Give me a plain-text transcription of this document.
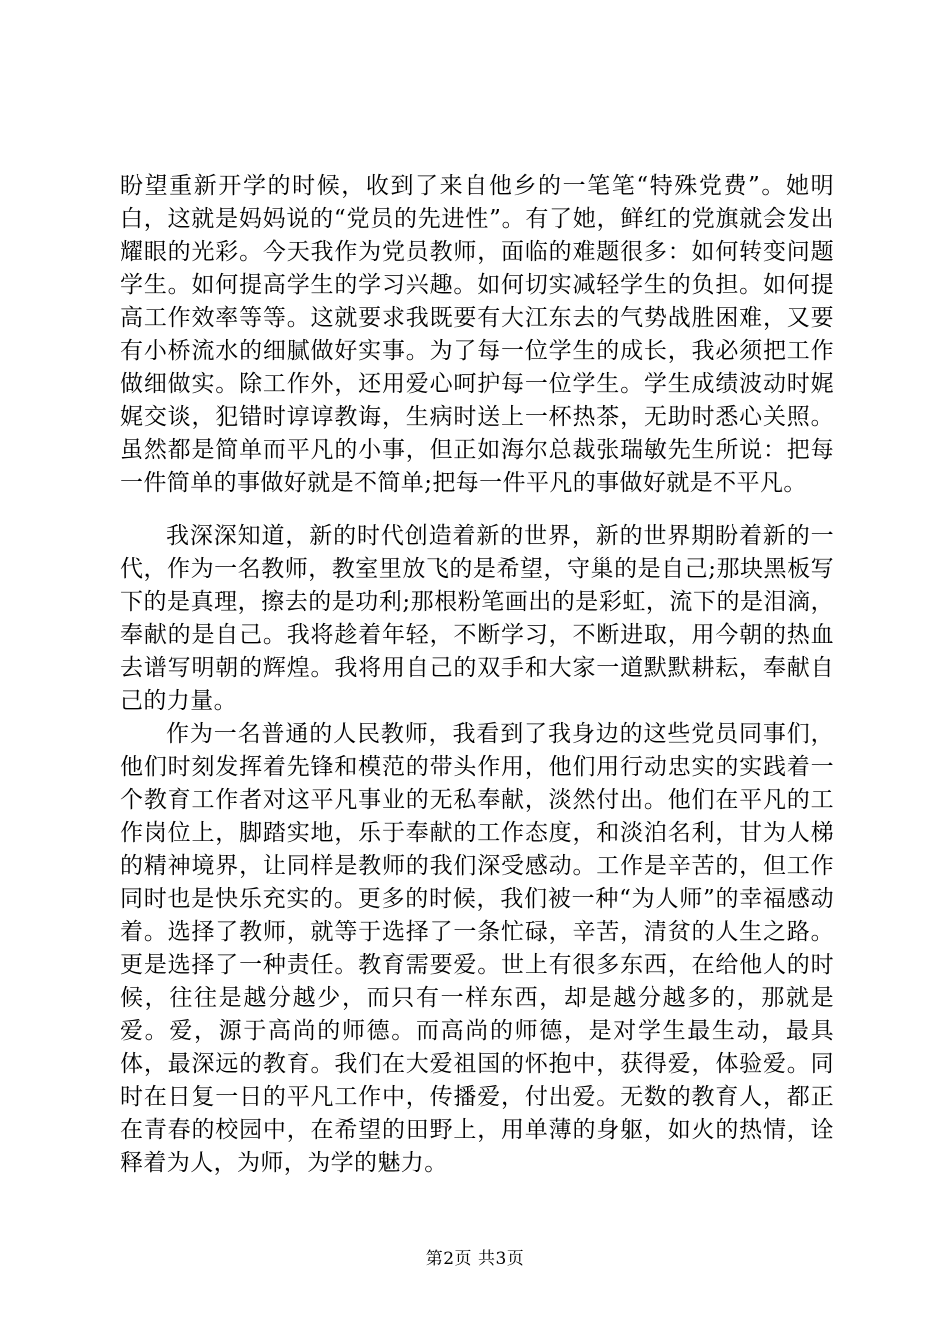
盼望重新开学的时候，收到了来自他乡的一笔笔“特殊党费”。她明白，这就是妈妈说的“党员的先进性”。有了她，鲜红的党旗就会发出耀眼的光彩。今天我作为党员教师，面临的难题很多：如何转变问题学生。如何提高学生的学习兴趣。如何切实减轻学生的负担。如何提高工作效率等等。这就要求我既要有大江东去的气势战胜困难，又要有小桥流水的细腻做好实事。为了每一位学生的成长，我必须把工作做细做实。除工作外，还用爱心呵护每一位学生。学生成绩波动时娓娓交谈，犯错时谆谆教诲，生病时送上一杯热茶，无助时悉心关照。虽然都是简单而平凡的小事，但正如海尔总裁张瑞敏先生所说：把每一件简单的事做好就是不简单;把每一件平凡的事做好就是不平凡。

我深深知道，新的时代创造着新的世界，新的世界期盼着新的一代，作为一名教师，教室里放飞的是希望，守巢的是自己;那块黑板写下的是真理，擦去的是功利;那根粉笔画出的是彩虹，流下的是泪滴，奉献的是自己。我将趁着年轻，不断学习，不断进取，用今朝的热血去谱写明朝的辉煌。我将用自己的双手和大家一道默默耕耘，奉献自己的力量。

作为一名普通的人民教师，我看到了我身边的这些党员同事们，他们时刻发挥着先锋和模范的带头作用，他们用行动忠实的实践着一个教育工作者对这平凡事业的无私奉献，淡然付出。他们在平凡的工作岗位上，脚踏实地，乐于奉献的工作态度，和淡泊名利，甘为人梯的精神境界，让同样是教师的我们深受感动。工作是辛苦的，但工作同时也是快乐充实的。更多的时候，我们被一种“为人师”的幸福感动着。选择了教师，就等于选择了一条忙碌，辛苦，清贫的人生之路。更是选择了一种责任。教育需要爱。世上有很多东西，在给他人的时候，往往是越分越少，而只有一样东西，却是越分越多的，那就是爱。爱，源于高尚的师德。而高尚的师德，是对学生最生动，最具体，最深远的教育。我们在大爱祖国的怀抱中，获得爱，体验爱。同时在日复一日的平凡工作中，传播爱，付出爱。无数的教育人，都正在青春的校园中，在希望的田野上，用单薄的身躯，如火的热情，诠释着为人，为师，为学的魅力。

第2页 共3页
